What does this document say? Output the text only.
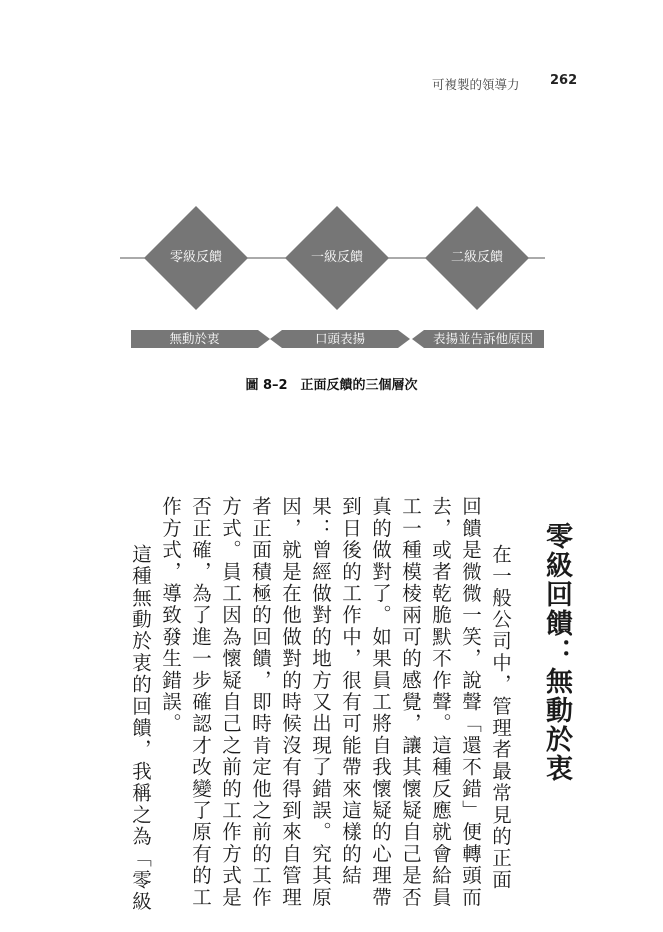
可複製的領導力 262
零級反饋	一級反饋	二級反饋
無動於衷	口頭表揚	表揚並告訴他原因
圖 8–2　正面反饋的三個層次
零級回饋：無動於衷
　在一般公司中，管理者最常見的正面
回饋是微微一笑，說聲「還不錯」便轉頭而
去，或者乾脆默不作聲。這種反應就會給員
工一種模棱兩可的感覺，讓其懷疑自己是否
真的做對了。如果員工將自我懷疑的心理帶
到日後的工作中，很有可能帶來這樣的結
果：曾經做對的地方又出現了錯誤。究其原
因，就是在他做對的時候沒有得到來自管理
者正面積極的回饋，即時肯定他之前的工作
方式。員工因為懷疑自己之前的工作方式是
否正確，為了進一步確認才改變了原有的工
作方式，導致發生錯誤。
　這種無動於衷的回饋，我稱之為「零級
